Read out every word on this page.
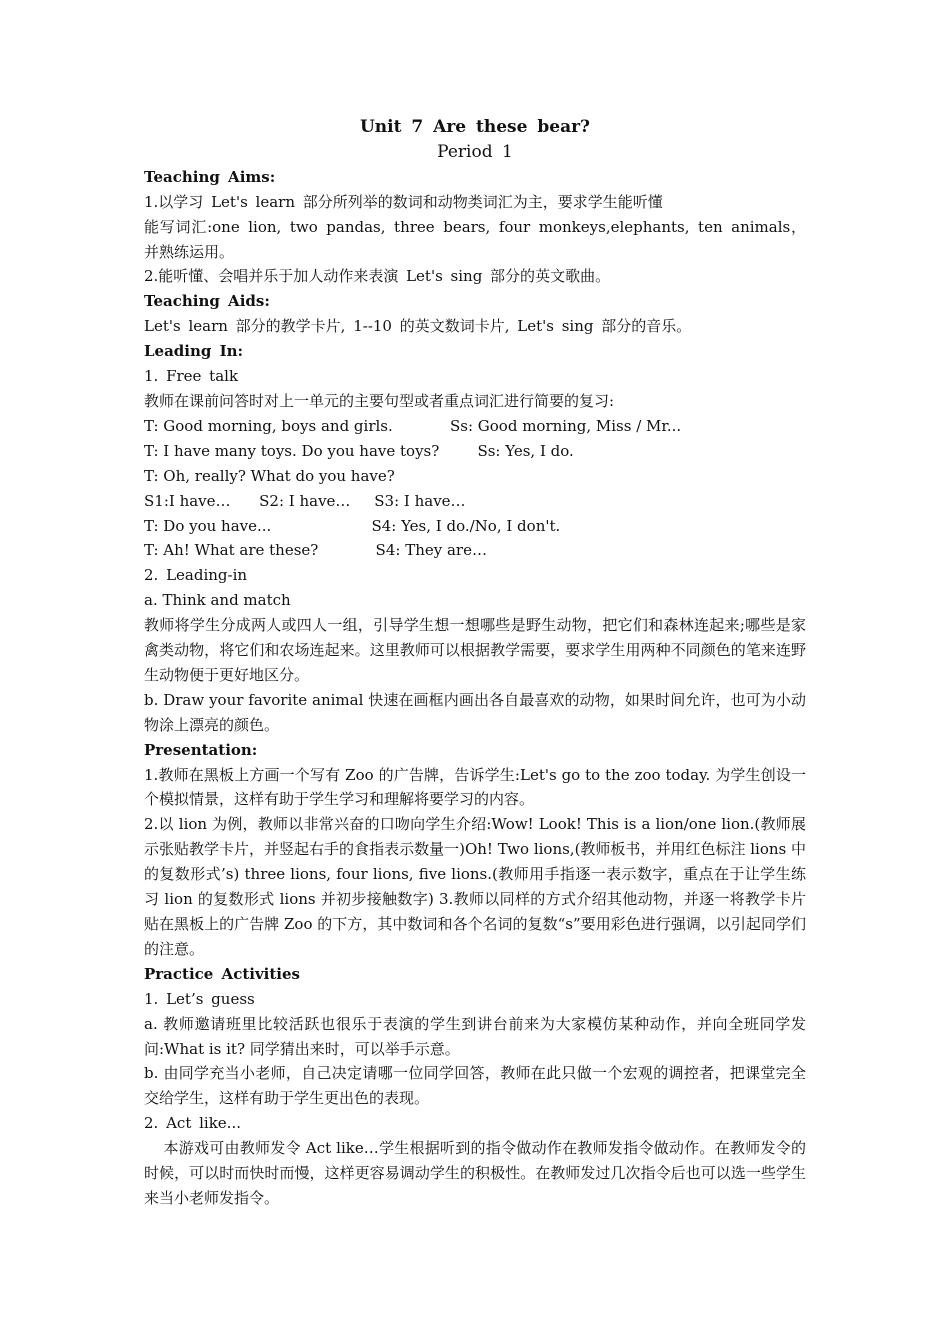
Unit 7 Are these bear?
Period 1
Teaching Aims:
1.以学习 Let's learn 部分所列举的数词和动物类词汇为主，要求学生能听懂
能写词汇:one lion, two pandas, three bears, four monkeys,elephants, ten animals，并熟练运用。
2.能听懂、会唱并乐于加人动作来表演 Let's sing 部分的英文歌曲。
Teaching Aids:
Let's learn 部分的教学卡片, 1--10 的英文数词卡片, Let's sing 部分的音乐。
Leading In:
1. Free talk
教师在课前问答时对上一单元的主要句型或者重点词汇进行简要的复习:
T: Good morning, boys and girls.            Ss: Good morning, Miss / Mr...
T: I have many toys. Do you have toys?        Ss: Yes, I do.
T: Oh, really? What do you have?
S1:I have…      S2: I have…     S3: I have…
T: Do you have...                     S4: Yes, I do./No, I don't.
T: Ah! What are these?            S4: They are…
2. Leading-in
a. Think and match
教师将学生分成两人或四人一组，引导学生想一想哪些是野生动物，把它们和森林连起来;哪些是家禽类动物，将它们和农场连起来。这里教师可以根据教学需要，要求学生用两种不同颜色的笔来连野生动物便于更好地区分。
b. Draw your favorite animal 快速在画框内画出各自最喜欢的动物，如果时间允许，也可为小动物涂上漂亮的颜色。
Presentation:
1.教师在黑板上方画一个写有 Zoo 的广告牌，告诉学生:Let's go to the zoo today. 为学生创设一个模拟情景，这样有助于学生学习和理解将要学习的内容。
2.以 lion 为例，教师以非常兴奋的口吻向学生介绍:Wow! Look! This is a lion/one lion.(教师展示张贴教学卡片，并竖起右手的食指表示数量一)Oh! Two lions,(教师板书，并用红色标注 lions 中的复数形式’s) three lions, four lions, five lions.(教师用手指逐一表示数字，重点在于让学生练习 lion 的复数形式 lions 并初步接触数字) 3.教师以同样的方式介绍其他动物，并逐一将教学卡片贴在黑板上的广告牌 Zoo 的下方，其中数词和各个名词的复数“s”要用彩色进行强调，以引起同学们的注意。
Practice Activities
1. Let’s guess
a. 教师邀请班里比较活跃也很乐于表演的学生到讲台前来为大家模仿某种动作，并向全班同学发问:What is it? 同学猜出来时，可以举手示意。
b. 由同学充当小老师，自己决定请哪一位同学回答，教师在此只做一个宏观的调控者，把课堂完全交给学生，这样有助于学生更出色的表现。
2. Act like...
本游戏可由教师发令 Act like…学生根据听到的指令做动作在教师发指令做动作。在教师发令的时候，可以时而快时而慢，这样更容易调动学生的积极性。在教师发过几次指令后也可以选一些学生来当小老师发指令。
